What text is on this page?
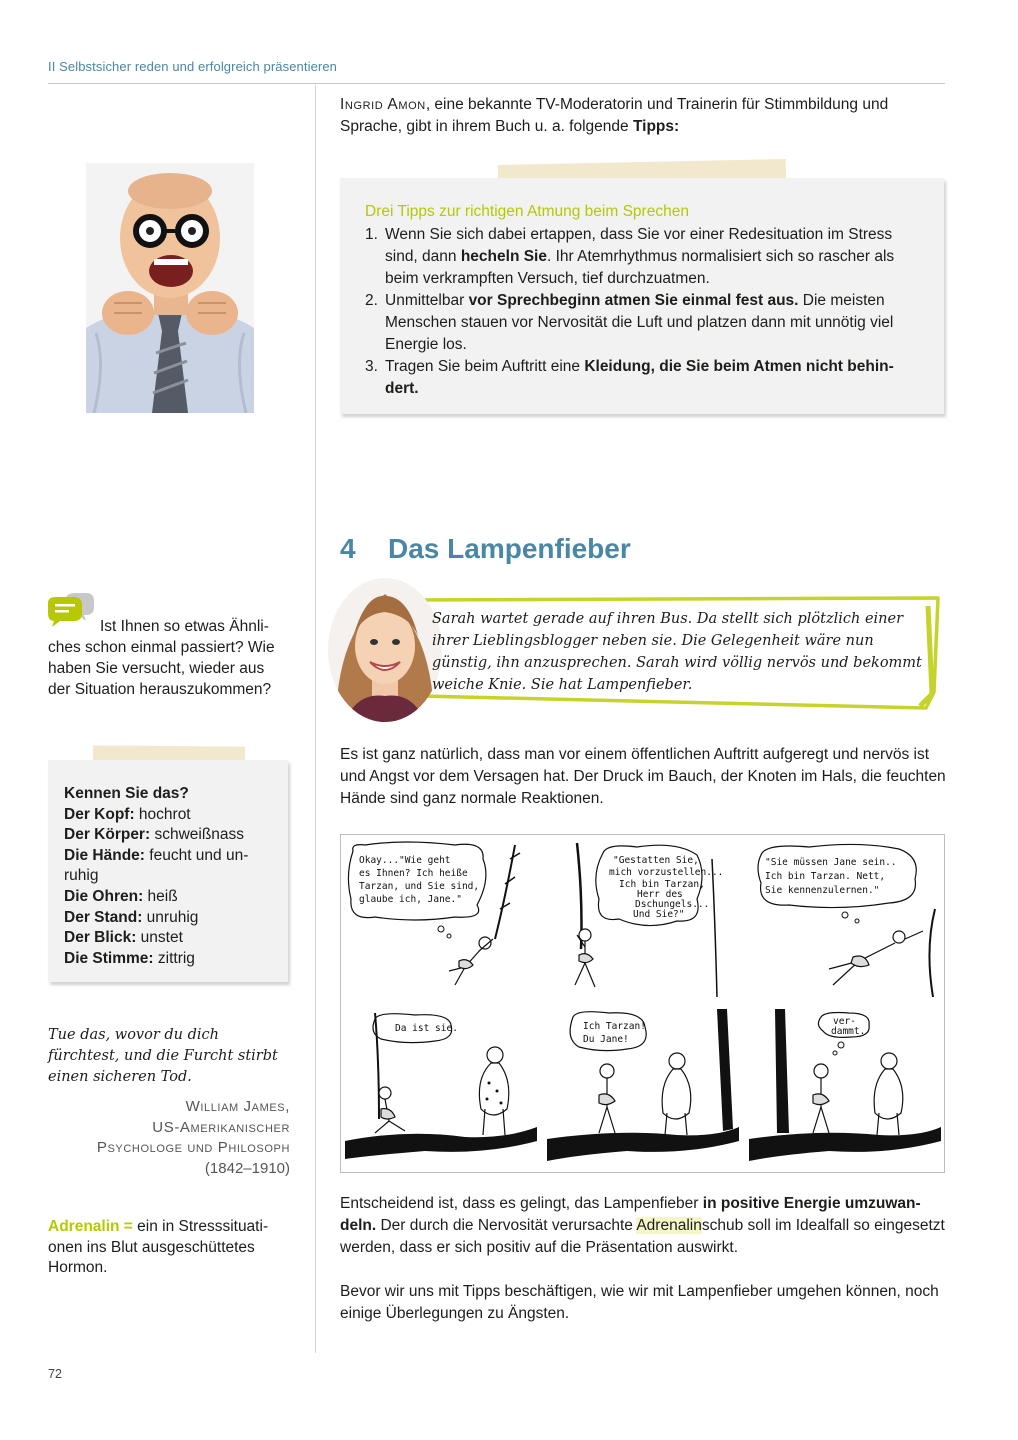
II Selbstsicher reden und erfolgreich präsentieren
Ingrid Amon, eine bekannte TV-Moderatorin und Trainerin für Stimmbildung und Sprache, gibt in ihrem Buch u. a. folgende Tipps:
Drei Tipps zur richtigen Atmung beim Sprechen
1. Wenn Sie sich dabei ertappen, dass Sie vor einer Redesituation im Stress sind, dann hecheln Sie. Ihr Atemrhythmus normalisiert sich so rascher als beim verkrampften Versuch, tief durchzuatmen.
2. Unmittelbar vor Sprechbeginn atmen Sie einmal fest aus. Die meisten Menschen stauen vor Nervosität die Luft und platzen dann mit unnötig viel Energie los.
3. Tragen Sie beim Auftritt eine Kleidung, die Sie beim Atmen nicht behindert.
4 Das Lampenfieber
Sarah wartet gerade auf ihren Bus. Da stellt sich plötzlich einer ihrer Lieblingsblogger neben sie. Die Gelegenheit wäre nun günstig, ihn anzusprechen. Sarah wird völlig nervös und bekommt weiche Knie. Sie hat Lampenfieber.
Es ist ganz natürlich, dass man vor einem öffentlichen Auftritt aufgeregt und nervös ist und Angst vor dem Versagen hat. Der Druck im Bauch, der Knoten im Hals, die feuchten Hände sind ganz normale Reaktionen.
Okay..."Wie geht
es Ihnen? Ich heiße
Tarzan, und Sie sind,
glaube ich, Jane."
"Gestatten Sie,
mich vorzustellen...
Ich bin Tarzan,
Herr des
Dschungels...
Und Sie?"
"Sie müssen Jane sein..
Ich bin Tarzan. Nett,
Sie kennenzulernen."
Da ist sie.	Ich Tarzan!
Du Jane!
ver-
dammt.
Entscheidend ist, dass es gelingt, das Lampenfieber in positive Energie umzuwandeln. Der durch die Nervosität verursachte Adrenalinschub soll im Idealfall so eingesetzt werden, dass er sich positiv auf die Präsentation auswirkt.
Bevor wir uns mit Tipps beschäftigen, wie wir mit Lampenfieber umgehen können, noch einige Überlegungen zu Ängsten.
Ist Ihnen so etwas Ähnliches schon einmal passiert? Wie haben Sie versucht, wieder aus der Situation herauszukommen?
Kennen Sie das?
Der Kopf: hochrot
Der Körper: schweißnass
Die Hände: feucht und unruhig
Die Ohren: heiß
Der Stand: unruhig
Der Blick: unstet
Die Stimme: zittrig
Tue das, wovor du dich fürchtest, und die Furcht stirbt einen sicheren Tod.
William James,
US-Amerikanischer
Psychologe und Philosoph
(1842–1910)
Adrenalin = ein in Stresssituationen ins Blut ausgeschüttetes Hormon.
72
